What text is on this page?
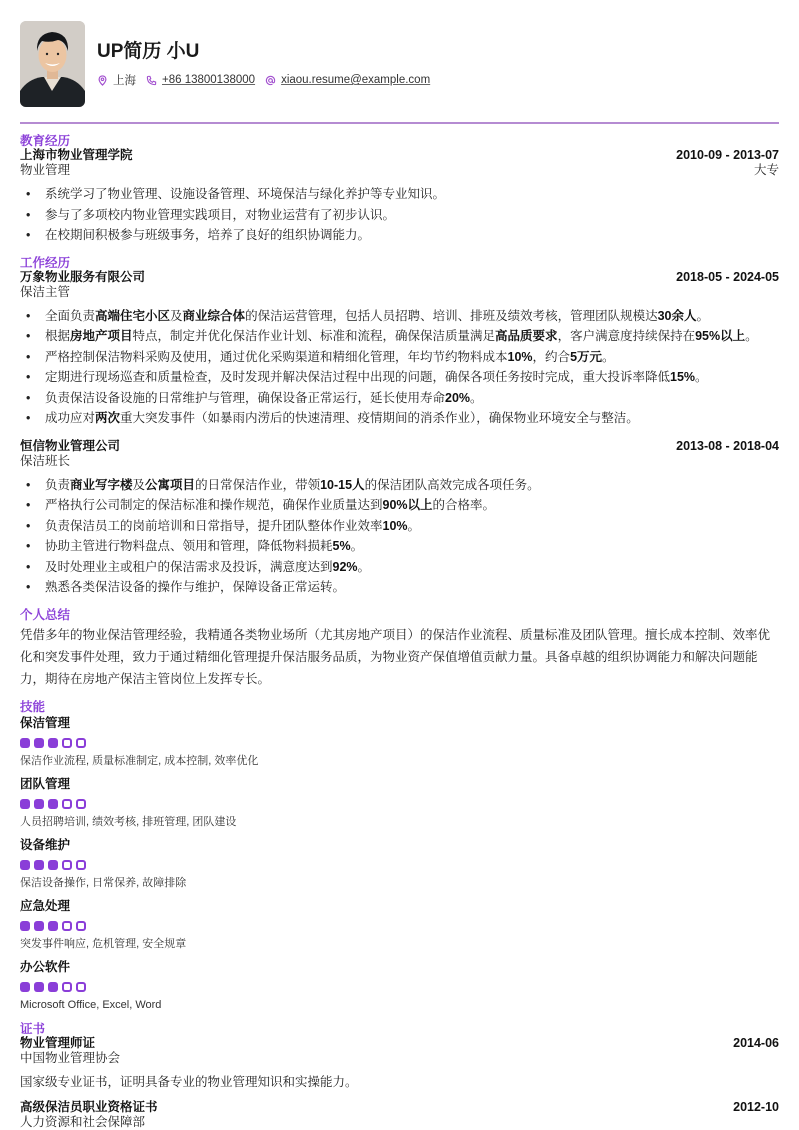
UP简历 小U
上海 +86 13800138000 xiaou.resume@example.com
教育经历
上海市物业管理学院	2010-09 - 2013-07
物业管理	大专
• 系统学习了物业管理、设施设备管理、环境保洁与绿化养护等专业知识。
• 参与了多项校内物业管理实践项目，对物业运营有了初步认识。
• 在校期间积极参与班级事务，培养了良好的组织协调能力。
工作经历
万象物业服务有限公司	2018-05 - 2024-05
保洁主管
• 全面负责高端住宅小区及商业综合体的保洁运营管理，包括人员招聘、培训、排班及绩效考核，管理团队规模达30余人。
• 根据房地产项目特点，制定并优化保洁作业计划、标准和流程，确保保洁质量满足高品质要求，客户满意度持续保持在95%以上。
• 严格控制保洁物料采购及使用，通过优化采购渠道和精细化管理，年均节约物料成本10%，约合5万元。
• 定期进行现场巡查和质量检查，及时发现并解决保洁过程中出现的问题，确保各项任务按时完成，重大投诉率降低15%。
• 负责保洁设备设施的日常维护与管理，确保设备正常运行，延长使用寿命20%。
• 成功应对两次重大突发事件（如暴雨内涝后的快速清理、疫情期间的消杀作业），确保物业环境安全与整洁。
恒信物业管理公司	2013-08 - 2018-04
保洁班长
• 负责商业写字楼及公寓项目的日常保洁作业，带领10-15人的保洁团队高效完成各项任务。
• 严格执行公司制定的保洁标准和操作规范，确保作业质量达到90%以上的合格率。
• 负责保洁员工的岗前培训和日常指导，提升团队整体作业效率10%。
• 协助主管进行物料盘点、领用和管理，降低物料损耗5%。
• 及时处理业主或租户的保洁需求及投诉，满意度达到92%。
• 熟悉各类保洁设备的操作与维护，保障设备正常运转。
个人总结
凭借多年的物业保洁管理经验，我精通各类物业场所（尤其房地产项目）的保洁作业流程、质量标准及团队管理。擅长成本控制、效率优化和突发事件处理，致力于通过精细化管理提升保洁服务品质，为物业资产保值增值贡献力量。具备卓越的组织协调能力和解决问题能力，期待在房地产保洁主管岗位上发挥专长。
技能
保洁管理
保洁作业流程, 质量标准制定, 成本控制, 效率优化
团队管理
人员招聘培训, 绩效考核, 排班管理, 团队建设
设备维护
保洁设备操作, 日常保养, 故障排除
应急处理
突发事件响应, 危机管理, 安全规章
办公软件
Microsoft Office, Excel, Word
证书
物业管理师证	2014-06
中国物业管理协会
国家级专业证书，证明具备专业的物业管理知识和实操能力。
高级保洁员职业资格证书	2012-10
人力资源和社会保障部
